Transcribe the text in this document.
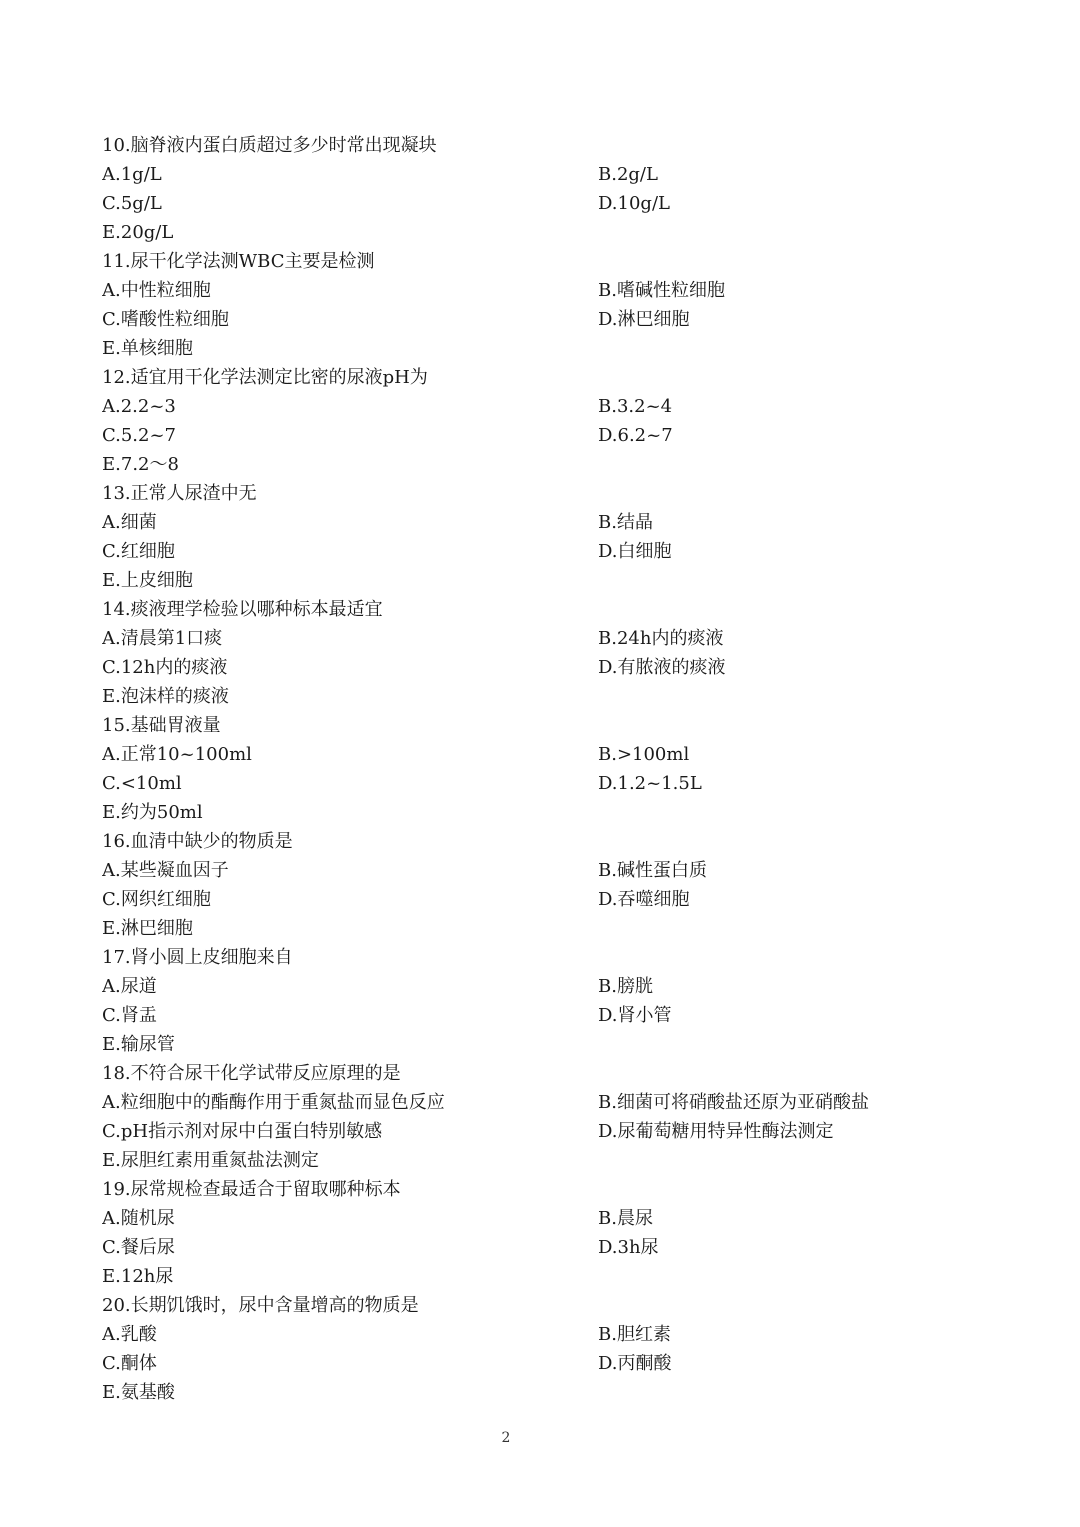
10.脑脊液内蛋白质超过多少时常出现凝块
A.1g/L	B.2g/L
C.5g/L	D.10g/L
E.20g/L
11.尿干化学法测WBC主要是检测
A.中性粒细胞	B.嗜碱性粒细胞
C.嗜酸性粒细胞	D.淋巴细胞
E.单核细胞
12.适宜用干化学法测定比密的尿液pH为
A.2.2~3	B.3.2~4
C.5.2~7	D.6.2~7
E.7.2～8
13.正常人尿渣中无
A.细菌	B.结晶
C.红细胞	D.白细胞
E.上皮细胞
14.痰液理学检验以哪种标本最适宜
A.清晨第1口痰	B.24h内的痰液
C.12h内的痰液	D.有脓液的痰液
E.泡沫样的痰液
15.基础胃液量
A.正常10~100ml	B.>100ml
C.<10ml	D.1.2~1.5L
E.约为50ml
16.血清中缺少的物质是
A.某些凝血因子	B.碱性蛋白质
C.网织红细胞	D.吞噬细胞
E.淋巴细胞
17.肾小圆上皮细胞来自
A.尿道	B.膀胱
C.肾盂	D.肾小管
E.输尿管
18.不符合尿干化学试带反应原理的是
A.粒细胞中的酯酶作用于重氮盐而显色反应	B.细菌可将硝酸盐还原为亚硝酸盐
C.pH指示剂对尿中白蛋白特别敏感	D.尿葡萄糖用特异性酶法测定
E.尿胆红素用重氮盐法测定
19.尿常规检查最适合于留取哪种标本
A.随机尿	B.晨尿
C.餐后尿	D.3h尿
E.12h尿
20.长期饥饿时，尿中含量增高的物质是
A.乳酸	B.胆红素
C.酮体	D.丙酮酸
E.氨基酸
2
